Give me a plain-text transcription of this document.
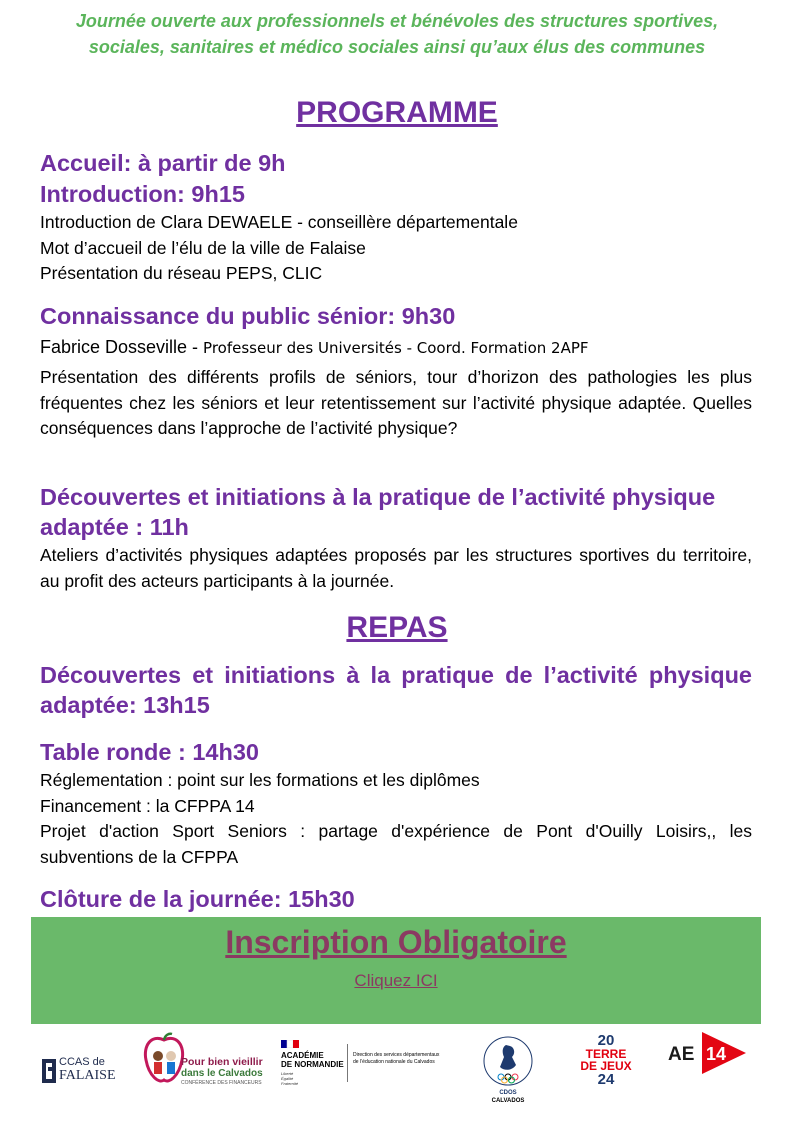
Journée ouverte aux professionnels et bénévoles des structures sportives, sociales, sanitaires et médico sociales ainsi qu’aux élus des communes
PROGRAMME
Accueil: à partir de 9h
Introduction: 9h15
Introduction de Clara DEWAELE - conseillère départementale
Mot d’accueil de l’élu de la ville de Falaise
Présentation du réseau PEPS, CLIC
Connaissance du public sénior: 9h30
Fabrice Dosseville - Professeur des Universités - Coord. Formation 2APF
Présentation des différents profils de séniors, tour d’horizon des pathologies les plus fréquentes chez les séniors et leur retentissement sur l’activité physique adaptée. Quelles conséquences dans l’approche de l’activité physique?
Découvertes et initiations à la pratique de l’activité physique adaptée : 11h
Ateliers d’activités physiques adaptées proposés par les structures sportives du territoire, au profit des acteurs participants à la journée.
REPAS
Découvertes et initiations à la pratique de l’activité physique adaptée: 13h15
Table ronde : 14h30
Réglementation : point sur les formations et les diplômes
Financement : la CFPPA 14
Projet d'action Sport Seniors : partage d'expérience de Pont d'Ouilly Loisirs,, les subventions de la CFPPA
Clôture de la journée: 15h30
Inscription Obligatoire
Cliquez ICI
CCAS de
FALAISE
Pour bien vieillir
dans le Calvados
CONFÉRENCE DES FINANCEURS
ACADÉMIE
DE NORMANDIE
Liberté Égalité Fraternité
Direction des services départementaux de l’éducation nationale du Calvados
CDOS
CALVADOS
20
TERRE
DE JEUX
24
AE 14
